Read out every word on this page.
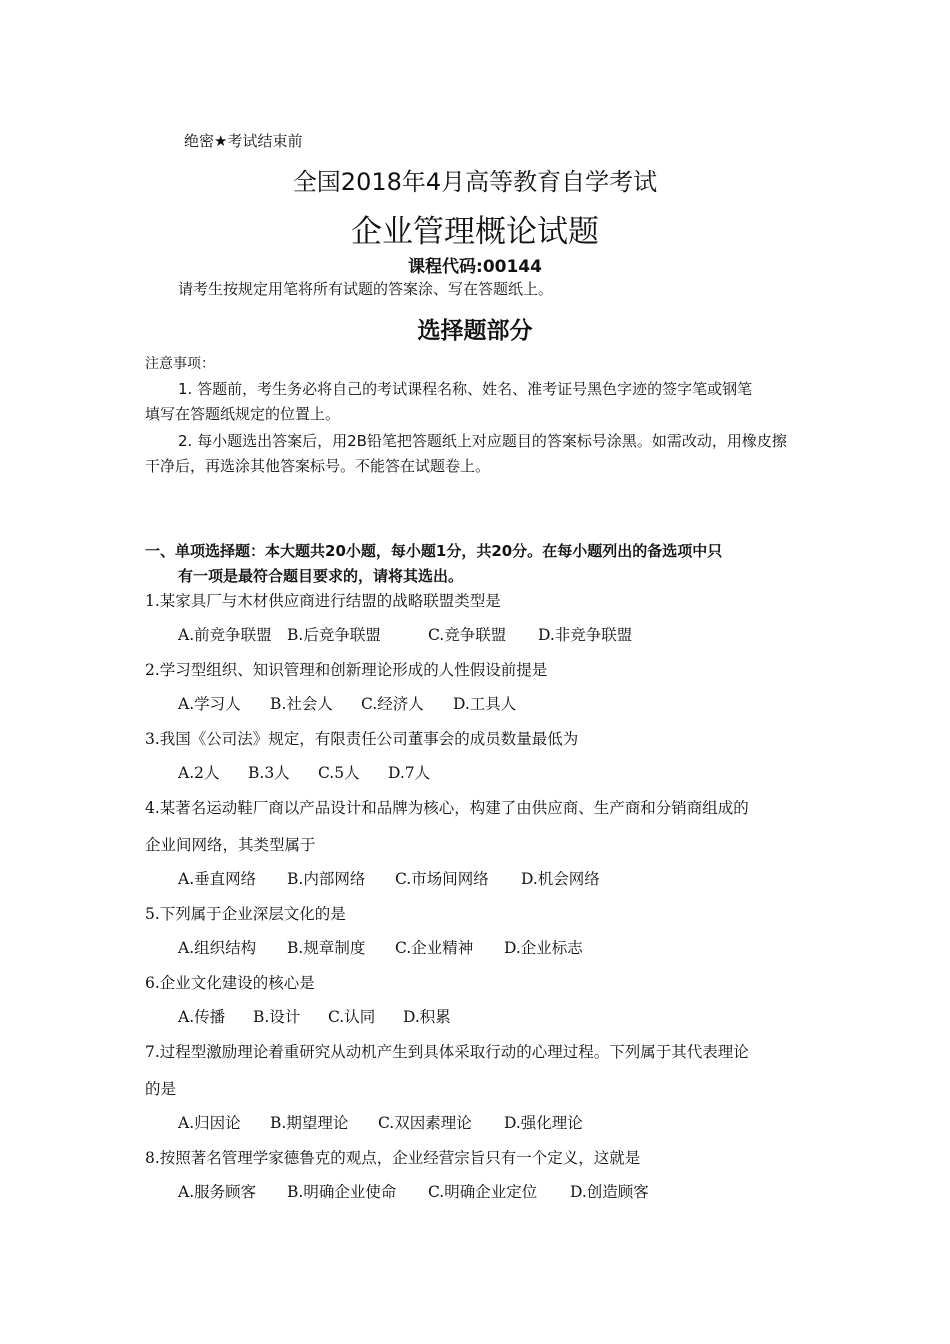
绝密★考试结束前
全国2018年4月高等教育自学考试
企业管理概论试题
课程代码:00144
请考生按规定用笔将所有试题的答案涂、写在答题纸上。
选择题部分
注意事项：
1. 答题前，考生务必将自己的考试课程名称、姓名、准考证号黑色字迹的签字笔或钢笔
填写在答题纸规定的位置上。
2. 每小题选出答案后，用2B铅笔把答题纸上对应题目的答案标号涂黑。如需改动，用橡皮擦
干净后，再选涂其他答案标号。不能答在试题卷上。
一、单项选择题：本大题共20小题，每小题1分，共20分。在每小题列出的备选项中只
有一项是最符合题目要求的，请将其选出。
1.某家具厂与木材供应商进行结盟的战略联盟类型是
A.前竞争联盟 B.后竞争联盟	C.竞争联盟 D.非竞争联盟
2.学习型组织、知识管理和创新理论形成的人性假设前提是
A.学习人 B.社会人 C.经济人 D.工具人
3.我国《公司法》规定，有限责任公司董事会的成员数量最低为
A.2人 B.3人 C.5人 D.7人
4.某著名运动鞋厂商以产品设计和品牌为核心，构建了由供应商、生产商和分销商组成的
企业间网络，其类型属于
A.垂直网络 B.内部网络 C.市场间网络 D.机会网络
5.下列属于企业深层文化的是
A.组织结构 B.规章制度 C.企业精神 D.企业标志
6.企业文化建设的核心是
A.传播 B.设计 C.认同 D.积累
7.过程型激励理论着重研究从动机产生到具体采取行动的心理过程。下列属于其代表理论
的是
A.归因论 B.期望理论 C.双因素理论 D.强化理论
8.按照著名管理学家德鲁克的观点，企业经营宗旨只有一个定义，这就是
A.服务顾客 B.明确企业使命 C.明确企业定位 D.创造顾客
